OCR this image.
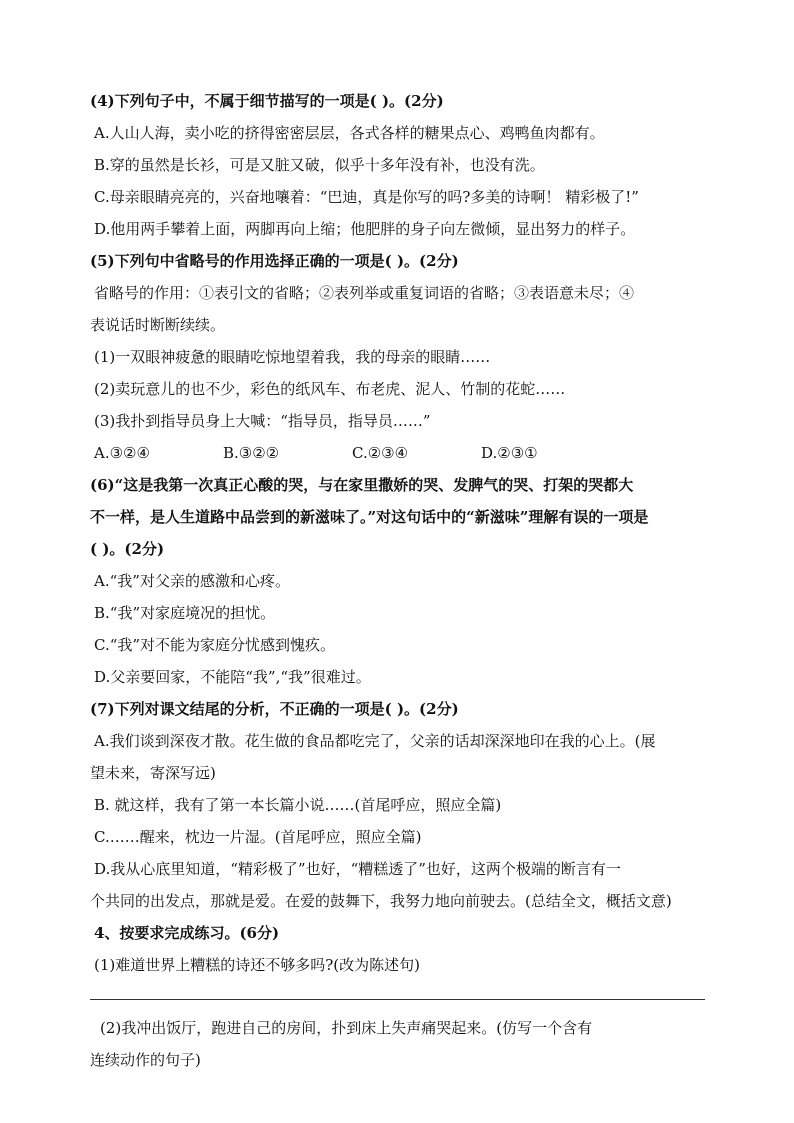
(4)下列句子中，不属于细节描写的一项是( )。(2分)
A.人山人海，卖小吃的挤得密密层层，各式各样的糖果点心、鸡鸭鱼肉都有。
B.穿的虽然是长衫，可是又脏又破，似乎十多年没有补，也没有洗。
C.母亲眼睛亮亮的，兴奋地嚷着：“巴迪，真是你写的吗?多美的诗啊！ 精彩极了!”
D.他用两手攀着上面，两脚再向上缩；他肥胖的身子向左微倾，显出努力的样子。
(5)下列句中省略号的作用选择正确的一项是( )。(2分)
省略号的作用：①表引文的省略；②表列举或重复词语的省略；③表语意未尽；④
表说话时断断续续。
(1)一双眼神疲惫的眼睛吃惊地望着我，我的母亲的眼睛……
(2)卖玩意儿的也不少，彩色的纸风车、布老虎、泥人、竹制的花蛇……
(3)我扑到指导员身上大喊：“指导员，指导员……”
A.③②④	B.③②②	C.②③④	D.②③①
(6)“这是我第一次真正心酸的哭，与在家里撒娇的哭、发脾气的哭、打架的哭都大
不一样，是人生道路中品尝到的新滋味了。”对这句话中的“新滋味”理解有误的一项是
( )。(2分)
A.“我”对父亲的感激和心疼。
B.“我”对家庭境况的担忧。
C.“我”对不能为家庭分忧感到愧疚。
D.父亲要回家，不能陪“我”,“我”很难过。
(7)下列对课文结尾的分析，不正确的一项是( )。(2分)
A.我们谈到深夜才散。花生做的食品都吃完了，父亲的话却深深地印在我的心上。(展
望未来，寄深写远)
B. 就这样，我有了第一本长篇小说……(首尾呼应，照应全篇)
C.……醒来，枕边一片湿。(首尾呼应，照应全篇)
D.我从心底里知道，“精彩极了”也好，“糟糕透了”也好，这两个极端的断言有一
个共同的出发点，那就是爱。在爱的鼓舞下，我努力地向前驶去。(总结全文，概括文意)
4、按要求完成练习。(6分)
(1)难道世界上糟糕的诗还不够多吗?(改为陈述句)
(2)我冲出饭厅，跑进自己的房间，扑到床上失声痛哭起来。(仿写一个含有
连续动作的句子)
